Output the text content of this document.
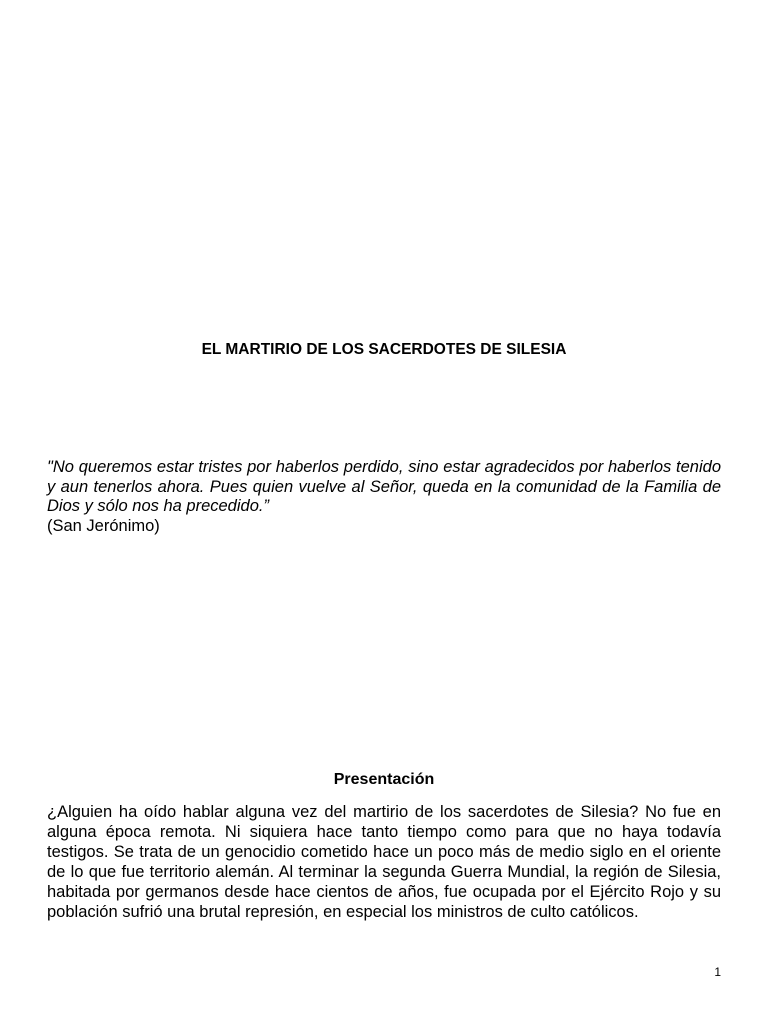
EL MARTIRIO DE LOS SACERDOTES DE SILESIA

"No queremos estar tristes por haberlos perdido, sino estar agradecidos por haberlos tenido y aun tenerlos ahora. Pues quien vuelve al Señor, queda en la comunidad de la Familia de Dios y sólo nos ha precedido.”

(San Jerónimo)

Presentación

¿Alguien ha oído hablar alguna vez del martirio de los sacerdotes de Silesia? No fue en alguna época remota. Ni siquiera hace tanto tiempo como para que no haya todavía testigos. Se trata de un genocidio cometido hace un poco más de medio siglo en el oriente de lo que fue territorio alemán. Al terminar la segunda Guerra Mundial, la región de Silesia, habitada por germanos desde hace cientos de años, fue ocupada por el Ejército Rojo y su población sufrió una brutal represión, en especial los ministros de culto católicos.

1
